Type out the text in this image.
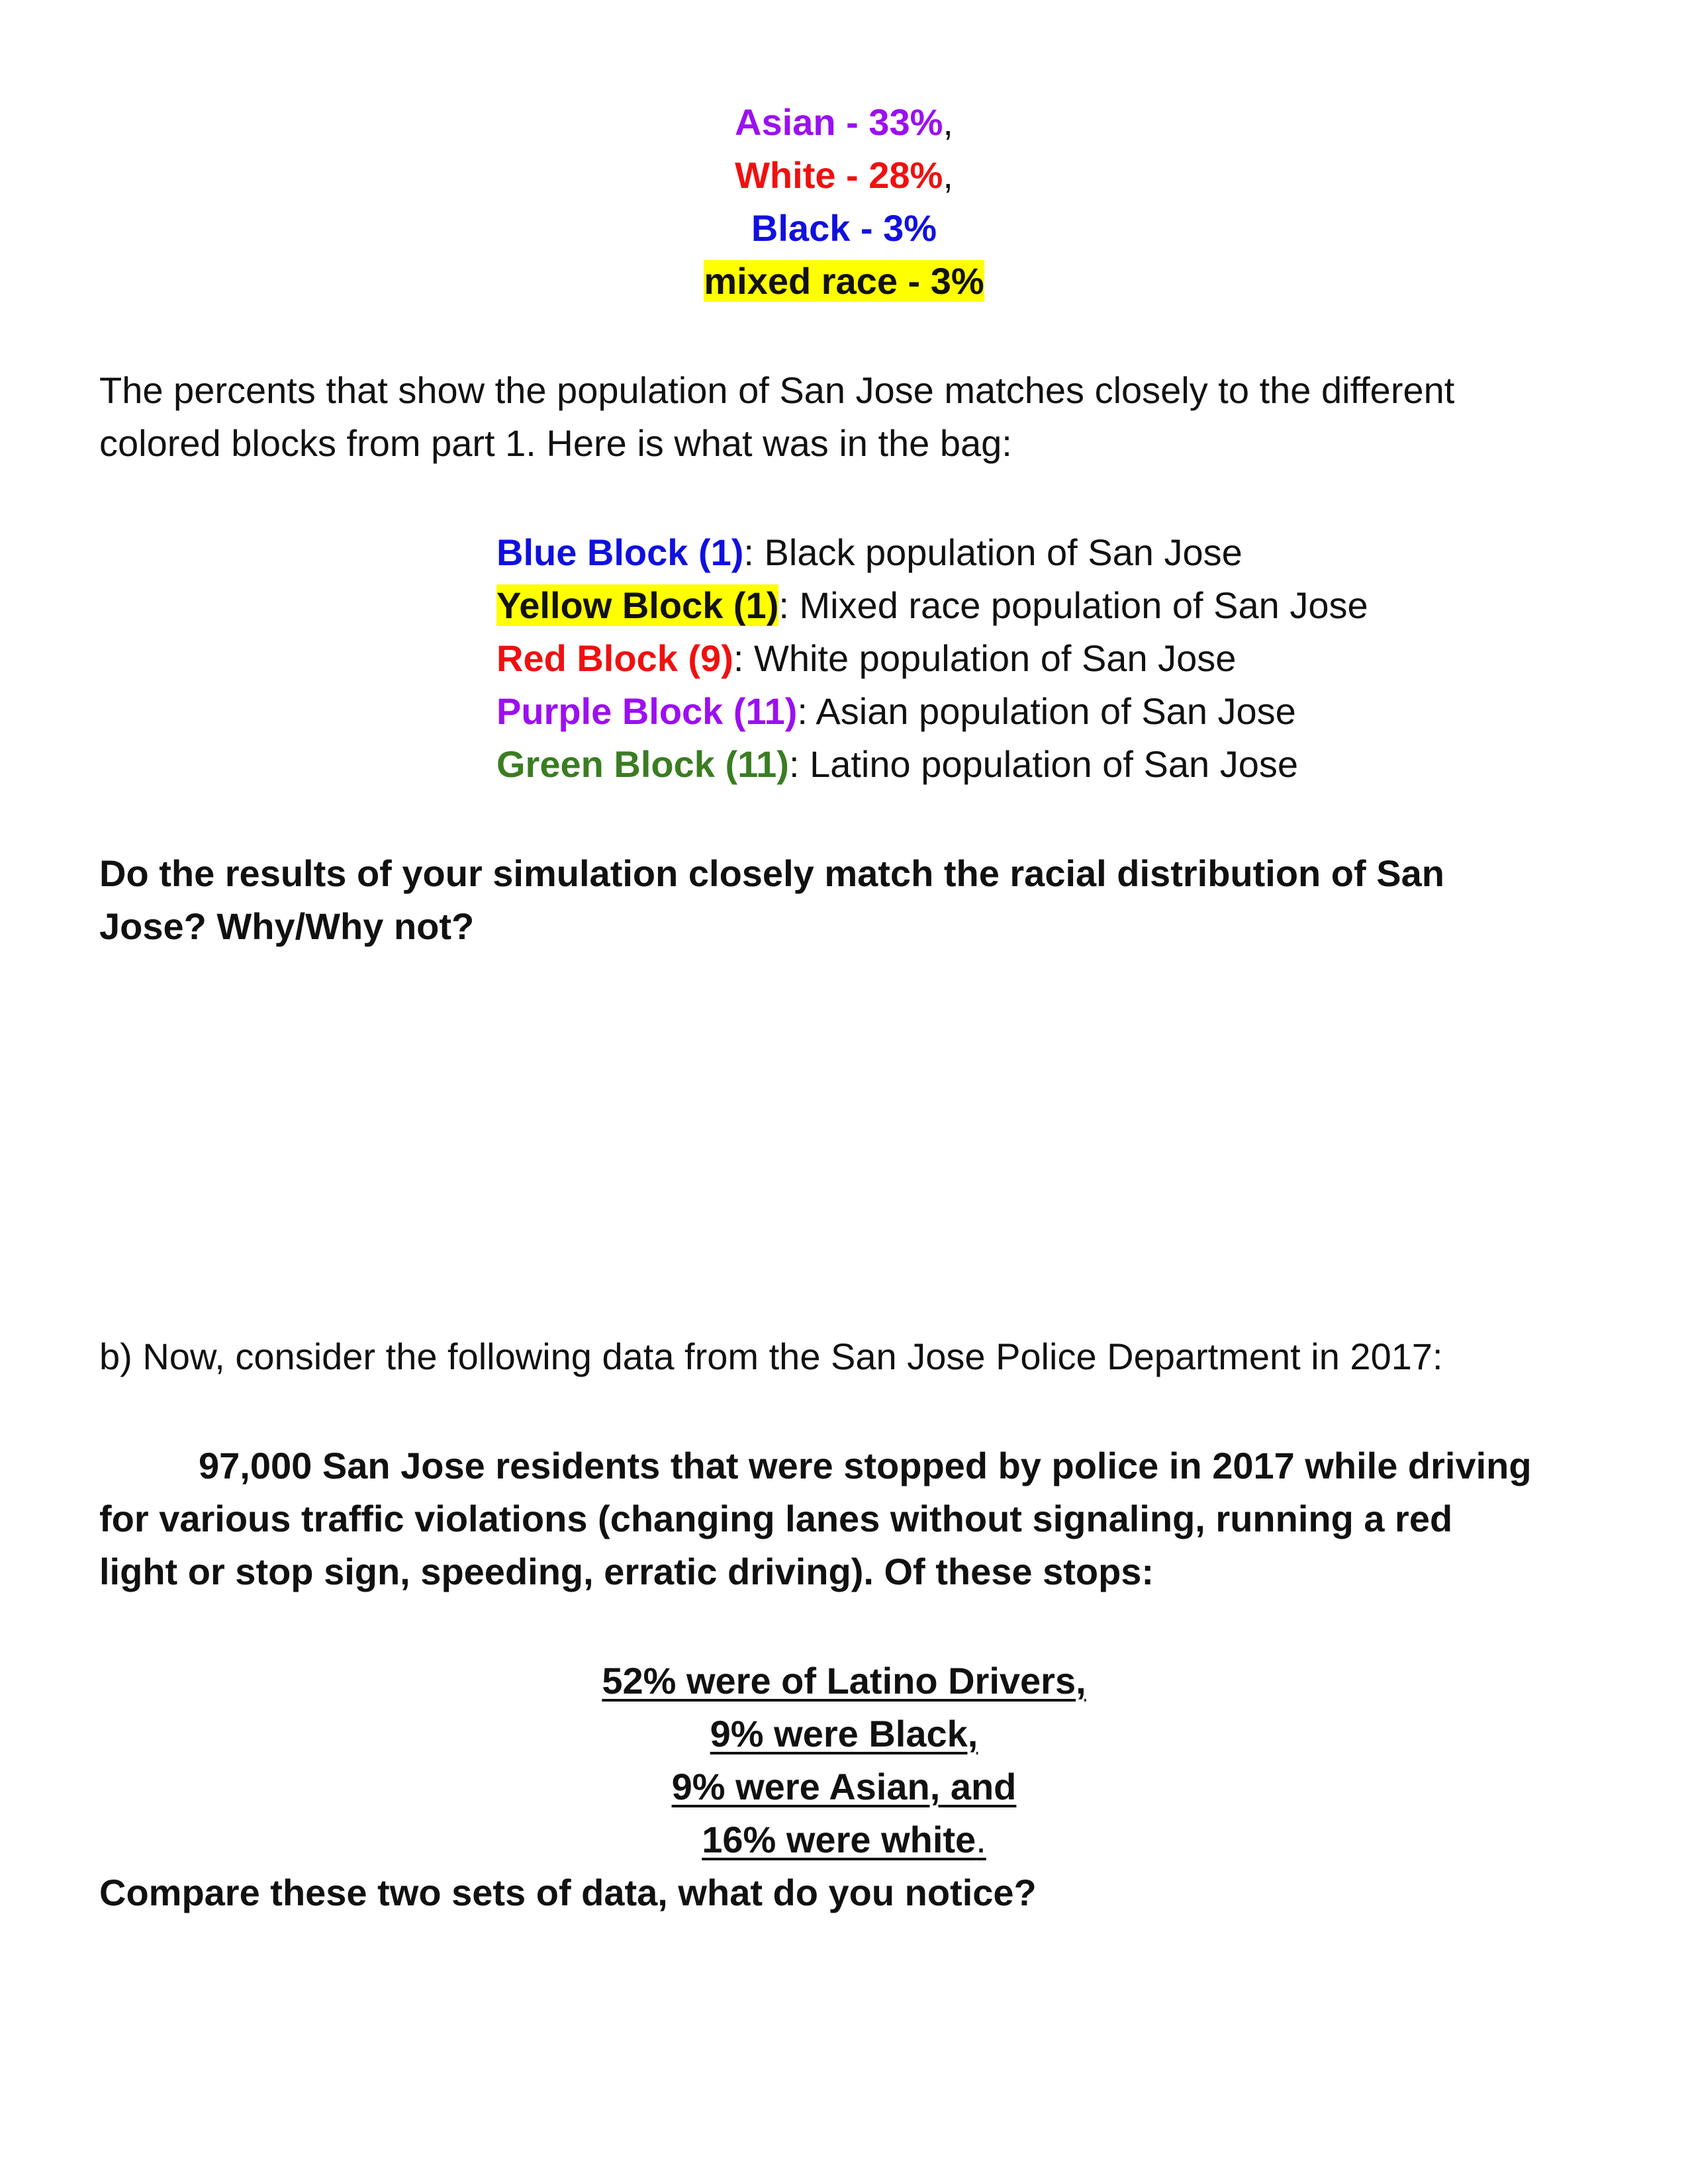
Asian - 33%,
White - 28%,
Black - 3%
mixed race - 3%
The percents that show the population of San Jose matches closely to the different
colored blocks from part 1. Here is what was in the bag:
Blue Block (1): Black population of San Jose
Yellow Block (1): Mixed race population of San Jose
Red Block (9): White population of San Jose
Purple Block (11): Asian population of San Jose
Green Block (11): Latino population of San Jose
Do the results of your simulation closely match the racial distribution of San
Jose? Why/Why not?
b) Now, consider the following data from the San Jose Police Department in 2017:
97,000 San Jose residents that were stopped by police in 2017 while driving
for various traffic violations (changing lanes without signaling, running a red
light or stop sign, speeding, erratic driving). Of these stops:
52% were of Latino Drivers,
9% were Black,
9% were Asian, and
16% were white.
Compare these two sets of data, what do you notice?
